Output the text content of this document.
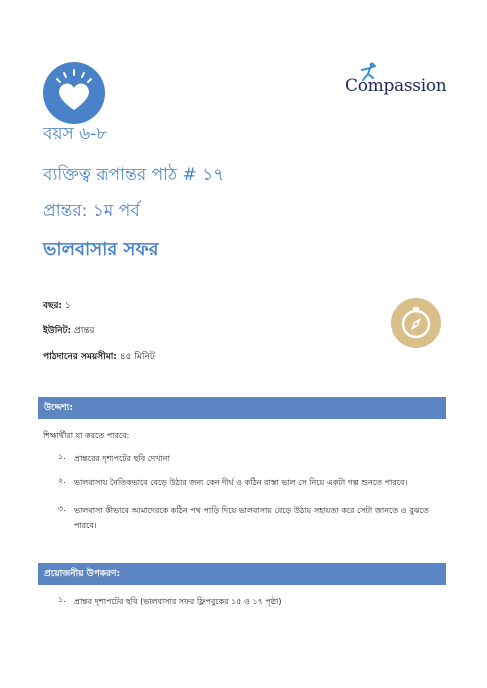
Compassion
বয়স ৬-৮
ব্যক্তিত্ব রূপান্তর পাঠ # ১৭
প্রান্তর: ১ম পর্ব
ভালবাসার সফর
বছর: ১
ইউনিট: প্রান্তর
পাঠদানের সময়সীমা: ৪৫ মিনিট
উদ্দেশ্য:
শিক্ষার্থীরা যা করতে পারবে:
১. প্রান্তরের দৃশ্যপটের ছবি দেখানা
২. ভালবাসায় নৈতিকভাবে বেড়ে উঠার জন্য কেন দীর্ঘ ও কঠিন রাস্তা ভাল সে নিয়ে একটা গল্প শুনতে পারবে।
৩. ভালবাসা কীভাবে আমাদেরকে কঠিন পথ পাড়ি দিয়ে ভালবাসায় বেড়ে উঠায় সহায়তা করে সেটা জানতে ও বুঝতে পারবে।
প্রয়োজনীয় উপকরণ:
১. প্রান্তর দৃশ্যপটের ছবি (ভালবাসার সফর ফ্লিপবুকের ১৫ ও ১৭ পৃষ্ঠা)
